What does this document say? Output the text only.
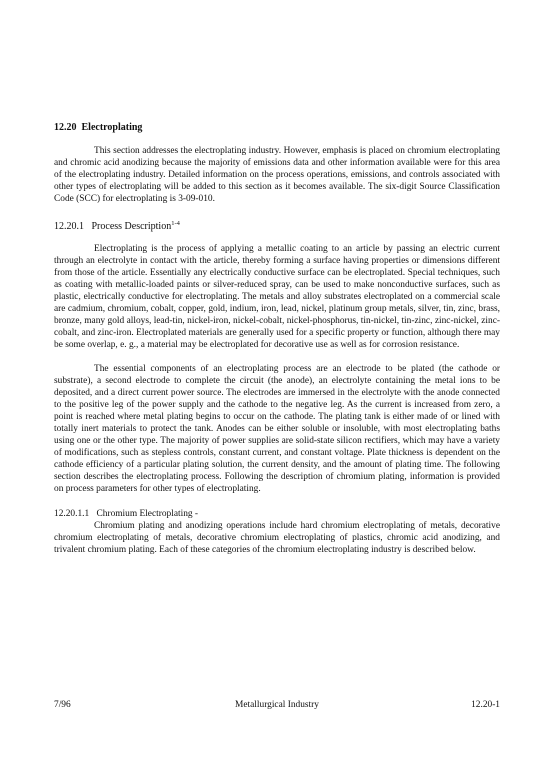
12.20 Electroplating

This section addresses the electroplating industry. However, emphasis is placed on chromium electroplating and chromic acid anodizing because the majority of emissions data and other information available were for this area of the electroplating industry. Detailed information on the process operations, emissions, and controls associated with other types of electroplating will be added to this section as it becomes available. The six-digit Source Classification Code (SCC) for electroplating is 3-09-010.

12.20.1 Process Description$^{1-4}$

Electroplating is the process of applying a metallic coating to an article by passing an electric current through an electrolyte in contact with the article, thereby forming a surface having properties or dimensions different from those of the article. Essentially any electrically conductive surface can be electroplated. Special techniques, such as coating with metallic-loaded paints or silver-reduced spray, can be used to make nonconductive surfaces, such as plastic, electrically conductive for electroplating. The metals and alloy substrates electroplated on a commercial scale are cadmium, chromium, cobalt, copper, gold, indium, iron, lead, nickel, platinum group metals, silver, tin, zinc, brass, bronze, many gold alloys, lead-tin, nickel-iron, nickel-cobalt, nickel-phosphorus, tin-nickel, tin-zinc, zinc-nickel, zinc-cobalt, and zinc-iron. Electroplated materials are generally used for a specific property or function, although there may be some overlap, e. g., a material may be electroplated for decorative use as well as for corrosion resistance.

The essential components of an electroplating process are an electrode to be plated (the cathode or substrate), a second electrode to complete the circuit (the anode), an electrolyte containing the metal ions to be deposited, and a direct current power source. The electrodes are immersed in the electrolyte with the anode connected to the positive leg of the power supply and the cathode to the negative leg. As the current is increased from zero, a point is reached where metal plating begins to occur on the cathode. The plating tank is either made of or lined with totally inert materials to protect the tank. Anodes can be either soluble or insoluble, with most electroplating baths using one or the other type. The majority of power supplies are solid-state silicon rectifiers, which may have a variety of modifications, such as stepless controls, constant current, and constant voltage. Plate thickness is dependent on the cathode efficiency of a particular plating solution, the current density, and the amount of plating time. The following section describes the electroplating process. Following the description of chromium plating, information is provided on process parameters for other types of electroplating.

12.20.1.1 Chromium Electroplating -

Chromium plating and anodizing operations include hard chromium electroplating of metals, decorative chromium electroplating of metals, decorative chromium electroplating of plastics, chromic acid anodizing, and trivalent chromium plating. Each of these categories of the chromium electroplating industry is described below.

7/96	Metallurgical Industry	12.20-1
